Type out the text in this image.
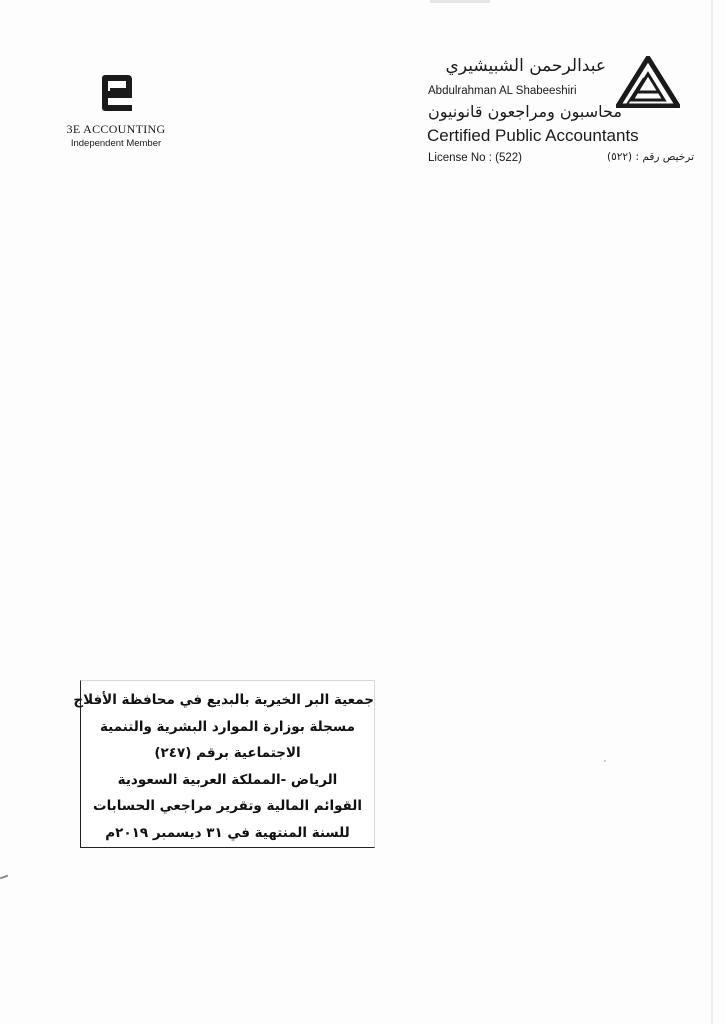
3E ACCOUNTING
Independent Member
عبدالرحمن الشبيشيري
Abdulrahman AL Shabeeshiri
محاسبون ومراجعون قانونيون
Certified Public Accountants
License No : (522)	ترخيص رقم : (٥٢٢)
جمعية البر الخيرية بالبديع في محافظة الأفلاج
مسجلة بوزارة الموارد البشرية والتنمية
الاجتماعية برقم (٢٤٧)
الرياض -المملكة العربية السعودية
القوائم المالية وتقرير مراجعي الحسابات
للسنة المنتهية في ٣١ ديسمبر ٢٠١٩م
